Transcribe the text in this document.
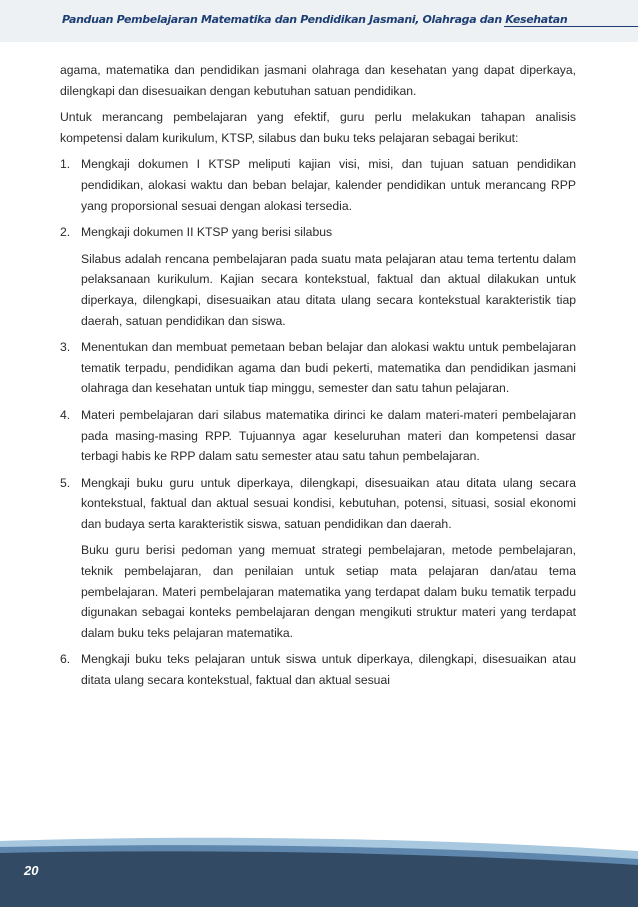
Panduan Pembelajaran Matematika dan Pendidikan Jasmani, Olahraga dan Kesehatan

agama, matematika dan pendidikan jasmani olahraga dan kesehatan yang dapat diperkaya, dilengkapi dan disesuaikan dengan kebutuhan satuan pendidikan.

Untuk merancang pembelajaran yang efektif, guru perlu melakukan tahapan analisis kompetensi dalam kurikulum, KTSP, silabus dan buku teks pelajaran sebagai berikut:

1. Mengkaji dokumen I KTSP meliputi kajian visi, misi, dan tujuan satuan pendidikan pendidikan, alokasi waktu dan beban belajar, kalender pendidikan untuk merancang RPP yang proporsional sesuai dengan alokasi tersedia.

2. Mengkaji dokumen II KTSP yang berisi silabus

Silabus adalah rencana pembelajaran pada suatu mata pelajaran atau tema tertentu dalam pelaksanaan kurikulum. Kajian secara kontekstual, faktual dan aktual dilakukan untuk diperkaya, dilengkapi, disesuaikan atau ditata ulang secara kontekstual karakteristik tiap daerah, satuan pendidikan dan siswa.

3. Menentukan dan membuat pemetaan beban belajar dan alokasi waktu untuk pembelajaran tematik terpadu, pendidikan agama dan budi pekerti, matematika dan pendidikan jasmani olahraga dan kesehatan untuk tiap minggu, semester dan satu tahun pelajaran.

4. Materi pembelajaran dari silabus matematika dirinci ke dalam materi-materi pembelajaran pada masing-masing RPP. Tujuannya agar keseluruhan materi dan kompetensi dasar terbagi habis ke RPP dalam satu semester atau satu tahun pembelajaran.

5. Mengkaji buku guru untuk diperkaya, dilengkapi, disesuaikan atau ditata ulang secara kontekstual, faktual dan aktual sesuai kondisi, kebutuhan, potensi, situasi, sosial ekonomi dan budaya serta karakteristik siswa, satuan pendidikan dan daerah.

Buku guru berisi pedoman yang memuat strategi pembelajaran, metode pembelajaran, teknik pembelajaran, dan penilaian untuk setiap mata pelajaran dan/atau tema pembelajaran. Materi pembelajaran matematika yang terdapat dalam buku tematik terpadu digunakan sebagai konteks pembelajaran dengan mengikuti struktur materi yang terdapat dalam buku teks pelajaran matematika.

6. Mengkaji buku teks pelajaran untuk siswa untuk diperkaya, dilengkapi, disesuaikan atau ditata ulang secara kontekstual, faktual dan aktual sesuai

20
